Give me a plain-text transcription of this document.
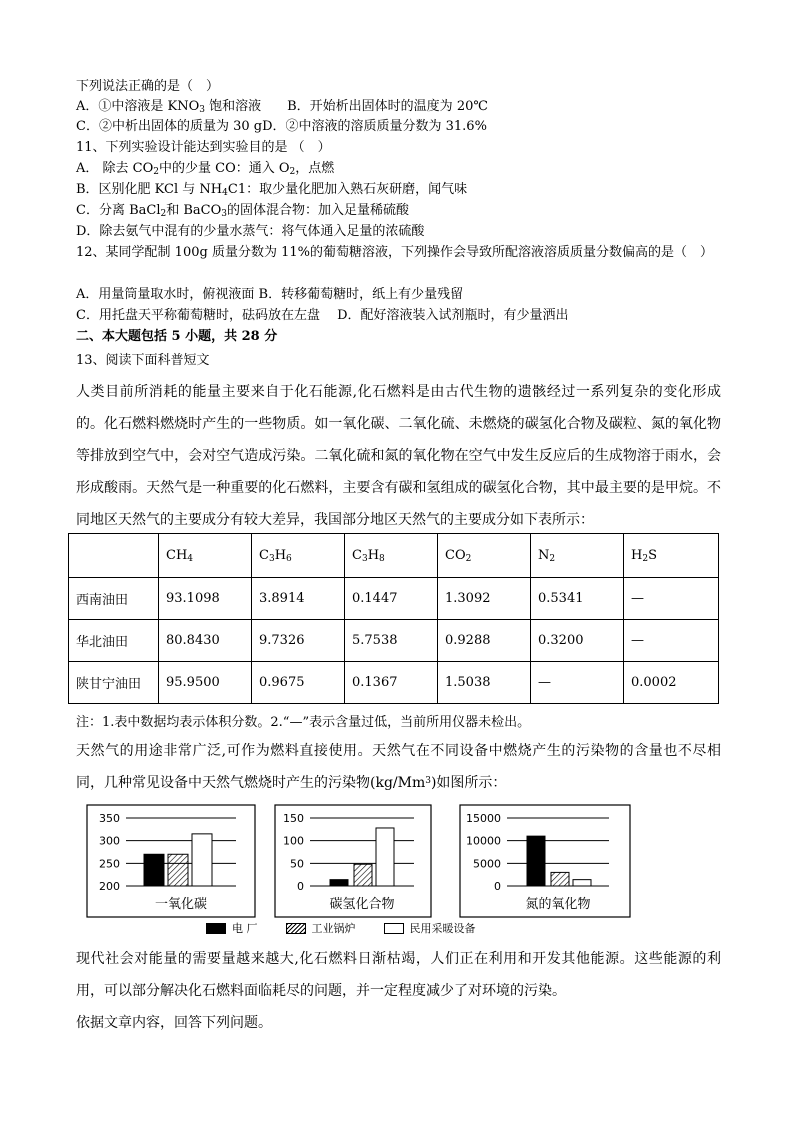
下列说法正确的是（　）
A．①中溶液是 $KNO_3$ 饱和溶液　　B．开始析出固体时的温度为 20℃
C．②中析出固体的质量为 30 gD．②中溶液的溶质质量分数为 31.6%
11、下列实验设计能达到实验目的是 （　）
A． 除去 $CO_2$中的少量 CO：通入 $O_2$，点燃
B．区别化肥 KCl 与 $NH_4C1$：取少量化肥加入熟石灰研磨，闻气味
C．分离 BaCl$_2$和 BaCO$_3$的固体混合物：加入足量稀硫酸
D．除去氨气中混有的少量水蒸气：将气体通入足量的浓硫酸
12、某同学配制 100g 质量分数为 11%的葡萄糖溶液，下列操作会导致所配溶液溶质质量分数偏高的是（　）
A．用量筒量取水时，俯视液面 B．转移葡萄糖时，纸上有少量残留
C．用托盘天平称葡萄糖时，砝码放在左盘　 D．配好溶液装入试剂瓶时，有少量洒出
二、本大题包括 5 小题，共 28 分
13、阅读下面科普短文
人类目前所消耗的能量主要来自于化石能源,化石燃料是由古代生物的遗骸经过一系列复杂的变化形成的。化石燃料燃烧时产生的一些物质。如一氧化碳、二氧化硫、未燃烧的碳氢化合物及碳粒、氮的氧化物等排放到空气中，会对空气造成污染。二氧化硫和氮的氧化物在空气中发生反应后的生成物溶于雨水，会形成酸雨。天然气是一种重要的化石燃料，主要含有碳和氢组成的碳氢化合物，其中最主要的是甲烷。不同地区天然气的主要成分有较大差异，我国部分地区天然气的主要成分如下表所示：
	$CH_4$	$C_3H_6$	$C_3H_8$	$CO_2$	$N_2$	$H_2S$
西南油田	93.1098	3.8914	0.1447	1.3092	0.5341	—
华北油田	80.8430	9.7326	5.7538	0.9288	0.3200	—
陕甘宁油田	95.9500	0.9675	0.1367	1.5038	—	0.0002
注：1.表中数据均表示体积分数。2.“—”表示含量过低，当前所用仪器未检出。
天然气的用途非常广泛,可作为燃料直接使用。天然气在不同设备中燃烧产生的污染物的含量也不尽相同，几种常见设备中天然气燃烧时产生的污染物(kg/Mm$^3$)如图所示：
350
300
250
200
一氧化碳
150
100
50
0
碳氢化合物
15000
10000
5000
0
氮的氧化物
电 厂	工业锅炉	民用采暖设备
现代社会对能量的需要量越来越大,化石燃料日渐枯竭，人们正在利用和开发其他能源。这些能源的利用，可以部分解决化石燃料面临耗尽的问题，并一定程度减少了对环境的污染。
依据文章内容，回答下列问题。
